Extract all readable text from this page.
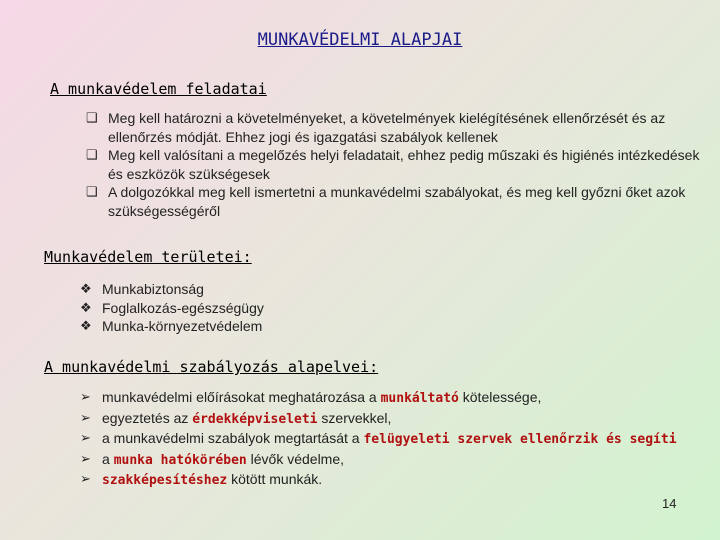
MUNKAVÉDELMI ALAPJAI
A munkavédelem feladatai
❑ Meg kell határozni a követelményeket, a követelmények kielégítésének ellenőrzését és az ellenőrzés módját. Ehhez jogi és igazgatási szabályok kellenek
❑ Meg kell valósítani a megelőzés helyi feladatait, ehhez pedig műszaki és higiénés intézkedések és eszközök szükségesek
❑ A dolgozókkal meg kell ismertetni a munkavédelmi szabályokat, és meg kell győzni őket azok szükségességéről
Munkavédelem területei:
❖ Munkabiztonság
❖ Foglalkozás-egészségügy
❖ Munka-környezetvédelem
A munkavédelmi szabályozás alapelvei:
➢ munkavédelmi előírásokat meghatározása a munkáltató kötelessége,
➢ egyeztetés az érdekképviseleti szervekkel,
➢ a munkavédelmi szabályok megtartását a felügyeleti szervek ellenőrzik és segíti
➢ a munka hatókörében lévők védelme,
➢ szakképesítéshez kötött munkák.
14
